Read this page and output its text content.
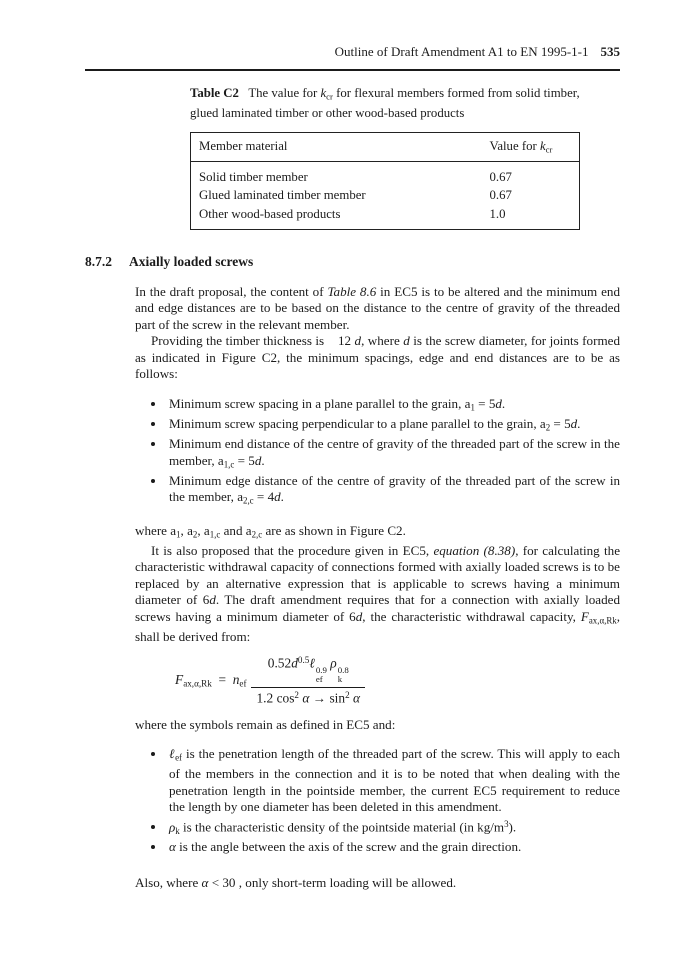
Outline of Draft Amendment A1 to EN 1995-1-1 535

Table C2  The value for $k_{cr}$ for flexural members formed from solid timber, glued laminated timber or other wood-based products

Member material	Value for $k_{cr}$
Solid timber member	0.67
Glued laminated timber member	0.67
Other wood-based products	1.0
8.7.2 Axially loaded screws

In the draft proposal, the content of Table 8.6 in EC5 is to be altered and the minimum end and edge distances are to be based on the distance to the centre of gravity of the threaded part of the screw in the relevant member.

Providing the timber thickness is    12 d, where d is the screw diameter, for joints formed as indicated in Figure C2, the minimum spacings, edge and end distances are to be as follows:

• Minimum screw spacing in a plane parallel to the grain, $a_1 = 5d$.
• Minimum screw spacing perpendicular to a plane parallel to the grain, $a_2 = 5d$.
• Minimum end distance of the centre of gravity of the threaded part of the screw in the member, $a_{1,c} = 5d$.
• Minimum edge distance of the centre of gravity of the threaded part of the screw in the member, $a_{2,c} = 4d$.

where $a_1$, $a_2$, $a_{1,c}$ and $a_{2,c}$ are as shown in Figure C2.

It is also proposed that the procedure given in EC5, equation (8.38), for calculating the characteristic withdrawal capacity of connections formed with axially loaded screws is to be replaced by an alternative expression that is applicable to screws having a minimum diameter of 6d. The draft amendment requires that for a connection with axially loaded screws having a minimum diameter of 6d, the characteristic withdrawal capacity, $F_{ax,\alpha,Rk}$, shall be derived from:

$F_{ax,\alpha,Rk} = n_{ef}$ $0.52d^{0.5}\ell$ 0.9
ef
ρ 0.8
k
1.2 $\cos^2 \alpha \to \sin^2 \alpha$

where the symbols remain as defined in EC5 and:

• ℓ$_{ef}$ is the penetration length of the threaded part of the screw. This will apply to each of the members in the connection and it is to be noted that when dealing with the penetration length in the pointside member, the current EC5 requirement to reduce the length by one diameter has been deleted in this amendment.
• $\rho_k$ is the characteristic density of the pointside material (in $kg/m^3$).
• α is the angle between the axis of the screw and the grain direction.

Also, where α < 30 , only short-term loading will be allowed.
